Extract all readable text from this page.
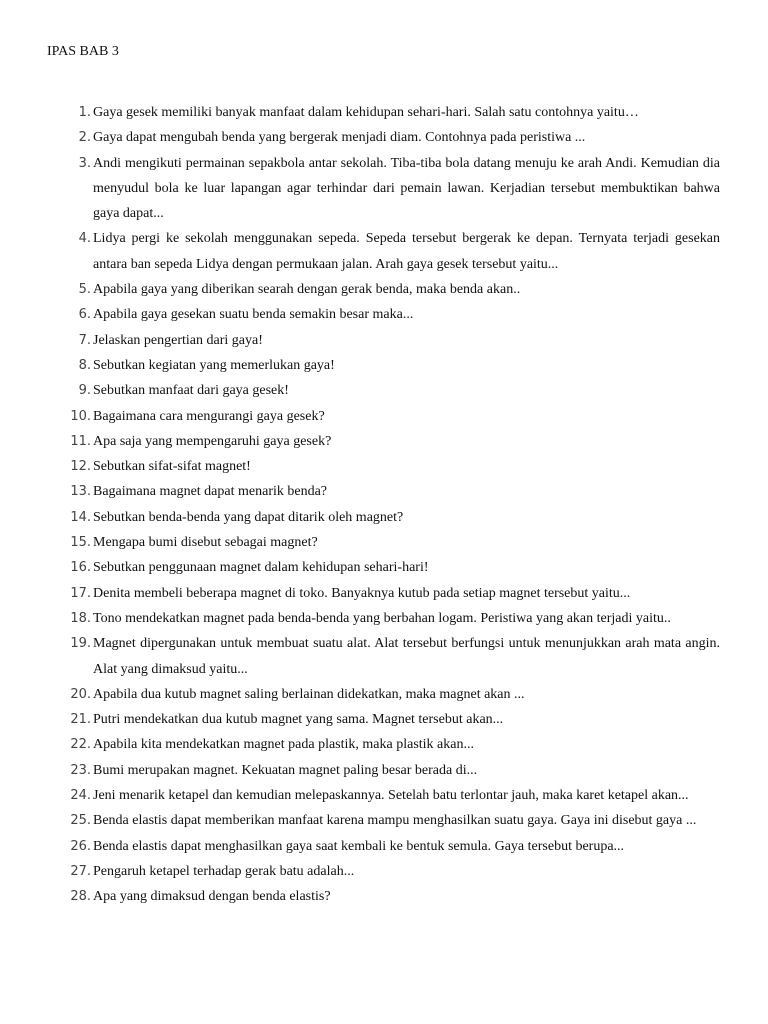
IPAS BAB 3
1. Gaya gesek memiliki banyak manfaat dalam kehidupan sehari-hari. Salah satu contohnya yaitu…
2. Gaya dapat mengubah benda yang bergerak menjadi diam. Contohnya pada peristiwa ...
3. Andi mengikuti permainan sepakbola antar sekolah. Tiba-tiba bola datang menuju ke arah Andi. Kemudian dia menyudul bola ke luar lapangan agar terhindar dari pemain lawan. Kerjadian tersebut membuktikan bahwa gaya dapat...
4. Lidya pergi ke sekolah menggunakan sepeda. Sepeda tersebut bergerak ke depan. Ternyata terjadi gesekan antara ban sepeda Lidya dengan permukaan jalan. Arah gaya gesek tersebut yaitu...
5. Apabila gaya yang diberikan searah dengan gerak benda, maka benda akan..
6. Apabila gaya gesekan suatu benda semakin besar maka...
7. Jelaskan pengertian dari gaya!
8. Sebutkan kegiatan yang memerlukan gaya!
9. Sebutkan manfaat dari gaya gesek!
10. Bagaimana cara mengurangi gaya gesek?
11. Apa saja yang mempengaruhi gaya gesek?
12. Sebutkan sifat-sifat magnet!
13. Bagaimana magnet dapat menarik benda?
14. Sebutkan benda-benda yang dapat ditarik oleh magnet?
15. Mengapa bumi disebut sebagai magnet?
16. Sebutkan penggunaan magnet dalam kehidupan sehari-hari!
17. Denita membeli beberapa magnet di toko. Banyaknya kutub pada setiap magnet tersebut yaitu...
18. Tono mendekatkan magnet pada benda-benda yang berbahan logam. Peristiwa yang akan terjadi yaitu..
19. Magnet dipergunakan untuk membuat suatu alat. Alat tersebut berfungsi untuk menunjukkan arah mata angin. Alat yang dimaksud yaitu...
20. Apabila dua kutub magnet saling berlainan didekatkan, maka magnet akan ...
21. Putri mendekatkan dua kutub magnet yang sama. Magnet tersebut akan...
22. Apabila kita mendekatkan magnet pada plastik, maka plastik akan...
23. Bumi merupakan magnet. Kekuatan magnet paling besar berada di...
24. Jeni menarik ketapel dan kemudian melepaskannya. Setelah batu terlontar jauh, maka karet ketapel akan...
25. Benda elastis dapat memberikan manfaat karena mampu menghasilkan suatu gaya. Gaya ini disebut gaya ...
26. Benda elastis dapat menghasilkan gaya saat kembali ke bentuk semula. Gaya tersebut berupa...
27. Pengaruh ketapel terhadap gerak batu adalah...
28. Apa yang dimaksud dengan benda elastis?
